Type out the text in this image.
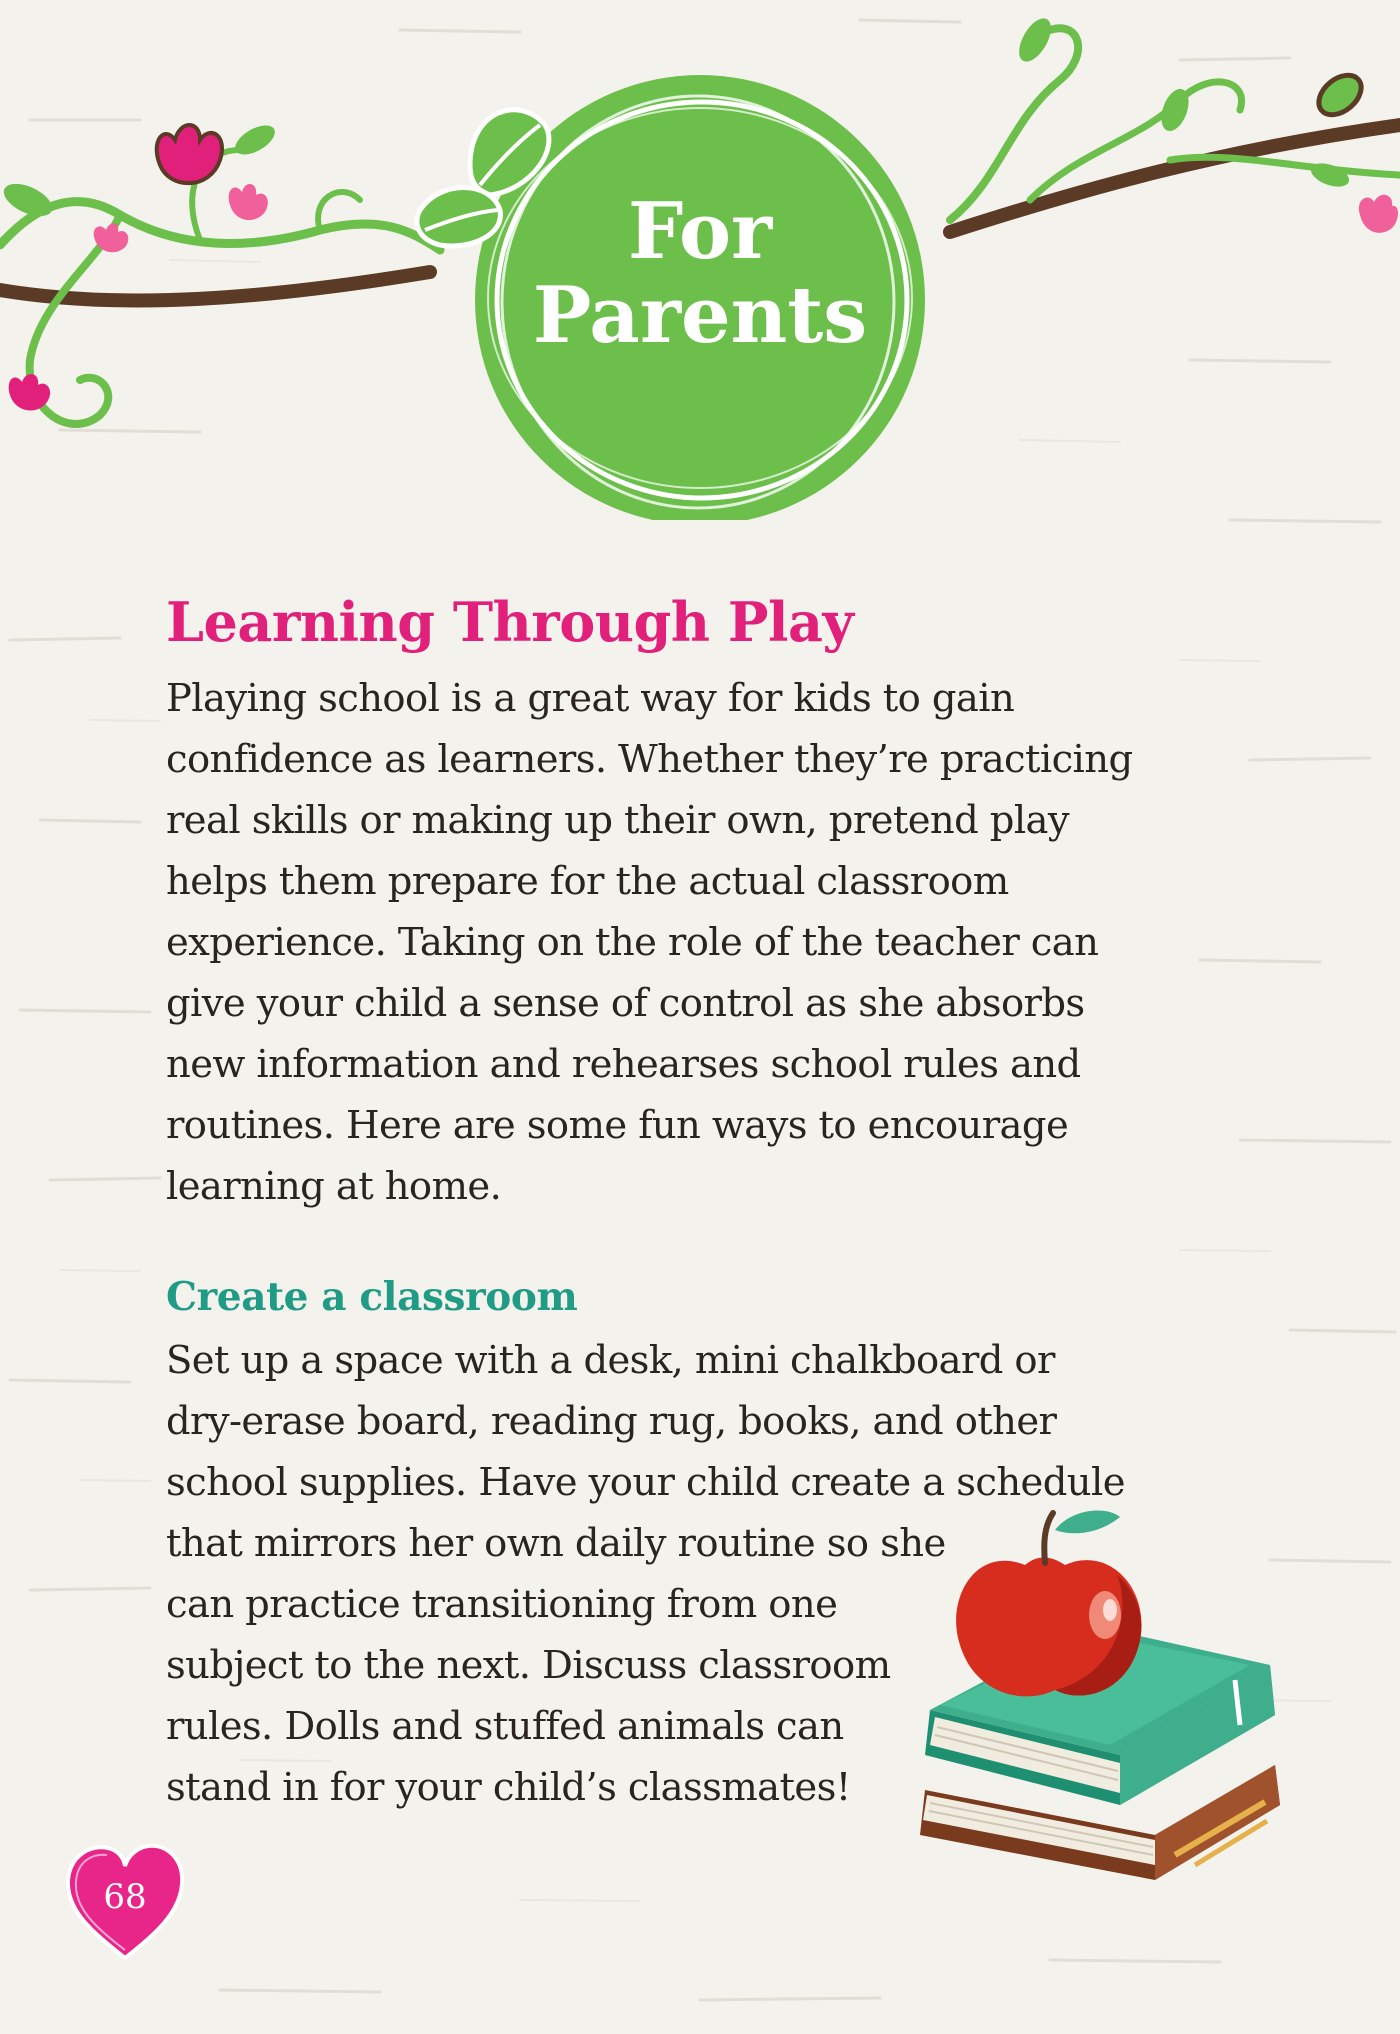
For
Parents
Learning Through Play

Playing school is a great way for kids to gain
confidence as learners. Whether they’re practicing
real skills or making up their own, pretend play
helps them prepare for the actual classroom
experience. Taking on the role of the teacher can
give your child a sense of control as she absorbs
new information and rehearses school rules and
routines. Here are some fun ways to encourage
learning at home.

Create a classroom

Set up a space with a desk, mini chalkboard or
dry-erase board, reading rug, books, and other
school supplies. Have your child create a schedule
that mirrors her own daily routine so she
can practice transitioning from one
subject to the next. Discuss classroom
rules. Dolls and stuffed animals can
stand in for your child’s classmates!

68
